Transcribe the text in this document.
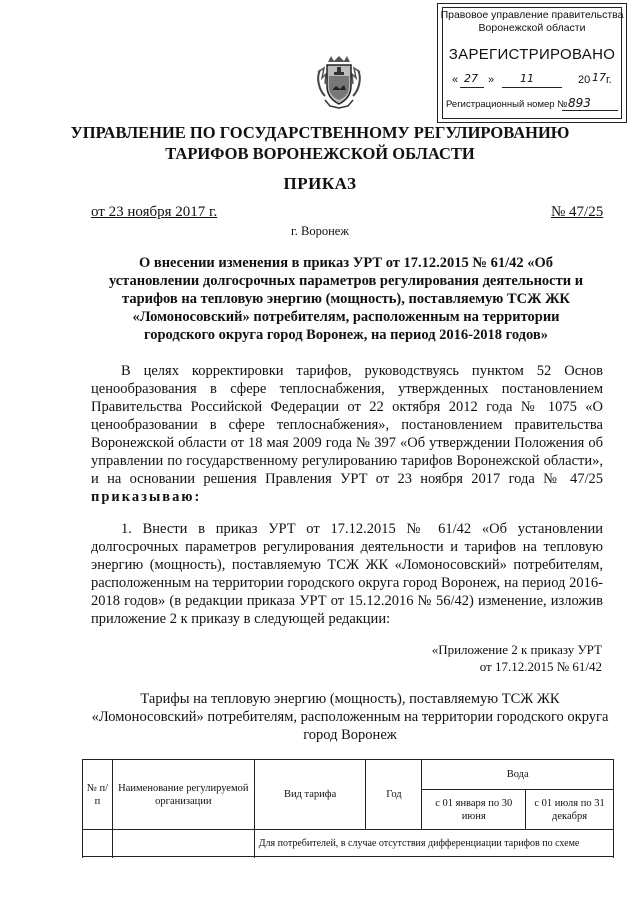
Правовое управление правительства
Воронежской области
ЗАРЕГИСТРИРОВАНО
« 27 » 11	20 17 г.
Регистрационный номер № 893
УПРАВЛЕНИЕ ПО ГОСУДАРСТВЕННОМУ РЕГУЛИРОВАНИЮ
ТАРИФОВ ВОРОНЕЖСКОЙ ОБЛАСТИ
ПРИКАЗ
от 23 ноября 2017 г.	№ 47/25
г. Воронеж
О внесении изменения в приказ УРТ от 17.12.2015 № 61/42 «Об установлении долгосрочных параметров регулирования деятельности и тарифов на тепловую энергию (мощность), поставляемую ТСЖ ЖК «Ломоносовский» потребителям, расположенным на территории городского округа город Воронеж, на период 2016-2018 годов»

В целях корректировки тарифов, руководствуясь пунктом 52 Основ ценообразования в сфере теплоснабжения, утвержденных постановлением Правительства Российской Федерации от 22 октября 2012 года № 1075 «О ценообразовании в сфере теплоснабжения», постановлением правительства Воронежской области от 18 мая 2009 года № 397 «Об утверждении Положения об управлении по государственному регулированию тарифов Воронежской области», и на основании решения Правления УРТ от 23 ноября 2017 года № 47/25 приказываю:

1. Внести в приказ УРТ от 17.12.2015 № 61/42 «Об установлении долгосрочных параметров регулирования деятельности и тарифов на тепловую энергию (мощность), поставляемую ТСЖ ЖК «Ломоносовский» потребителям, расположенным на территории городского округа город Воронеж, на период 2016-2018 годов» (в редакции приказа УРТ от 15.12.2016 № 56/42) изменение, изложив приложение 2 к приказу в следующей редакции:

«Приложение 2 к приказу УРТ
от 17.12.2015 № 61/42
Тарифы на тепловую энергию (мощность), поставляемую ТСЖ ЖК «Ломоносовский» потребителям, расположенным на территории городского округа город Воронеж
№ п/п	Наименование регулируемой организации	Вид тарифа	Год	Вода	
				с 01 января по 30 июня	с 01 июля по 31 декабря
		Для потребителей, в случае отсутствия дифференциации тарифов по схеме			
